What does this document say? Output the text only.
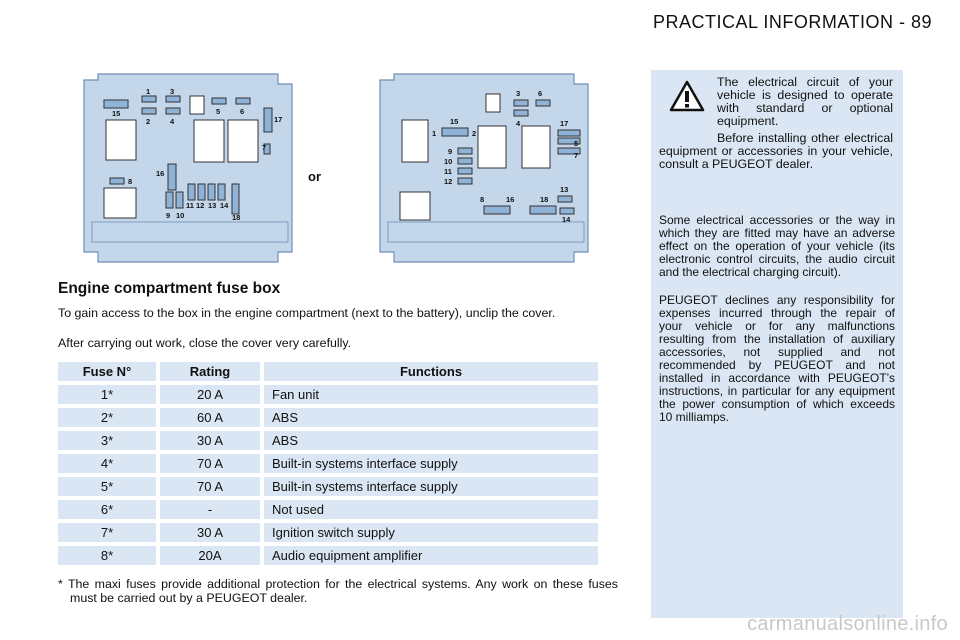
PRACTICAL INFORMATION - 89
1	3
2	4
15	5	6
17
7
16
8
11 12 13 14
9 10	18
or
3 6
15	4
1	2
17
5
7
9
10
11
12
13
8	16	18
14
Engine compartment fuse box

To gain access to the box in the engine compartment (next to the battery), unclip the cover.

After carrying out work, close the cover very carefully.

Fuse N°	Rating	Functions
1*	20 A	Fan unit
2*	60 A	ABS
3*	30 A	ABS
4*	70 A	Built-in systems interface supply
5*	70 A	Built-in systems interface supply
6*	-	Not used
7*	30 A	Ignition switch supply
8*	20A	Audio equipment amplifier

* The maxi fuses provide additional protection for the electrical systems. Any work on these fuses must be carried out by a PEUGEOT dealer.

The electrical circuit of your vehicle is designed to operate with standard or optional equipment.

Before installing other electrical equipment or accessories in your vehicle, consult a PEUGEOT dealer.

Some electrical accessories or the way in which they are fitted may have an adverse effect on the operation of your vehicle (its electronic control circuits, the audio circuit and the electrical charging circuit).

PEUGEOT declines any responsibility for expenses incurred through the repair of your vehicle or for any malfunctions resulting from the installation of auxiliary accessories, not supplied and not recommended by PEUGEOT and not installed in accordance with PEUGEOT’s instructions, in particular for any equipment the power consumption of which exceeds 10 milliamps.

carmanualsonline.info
